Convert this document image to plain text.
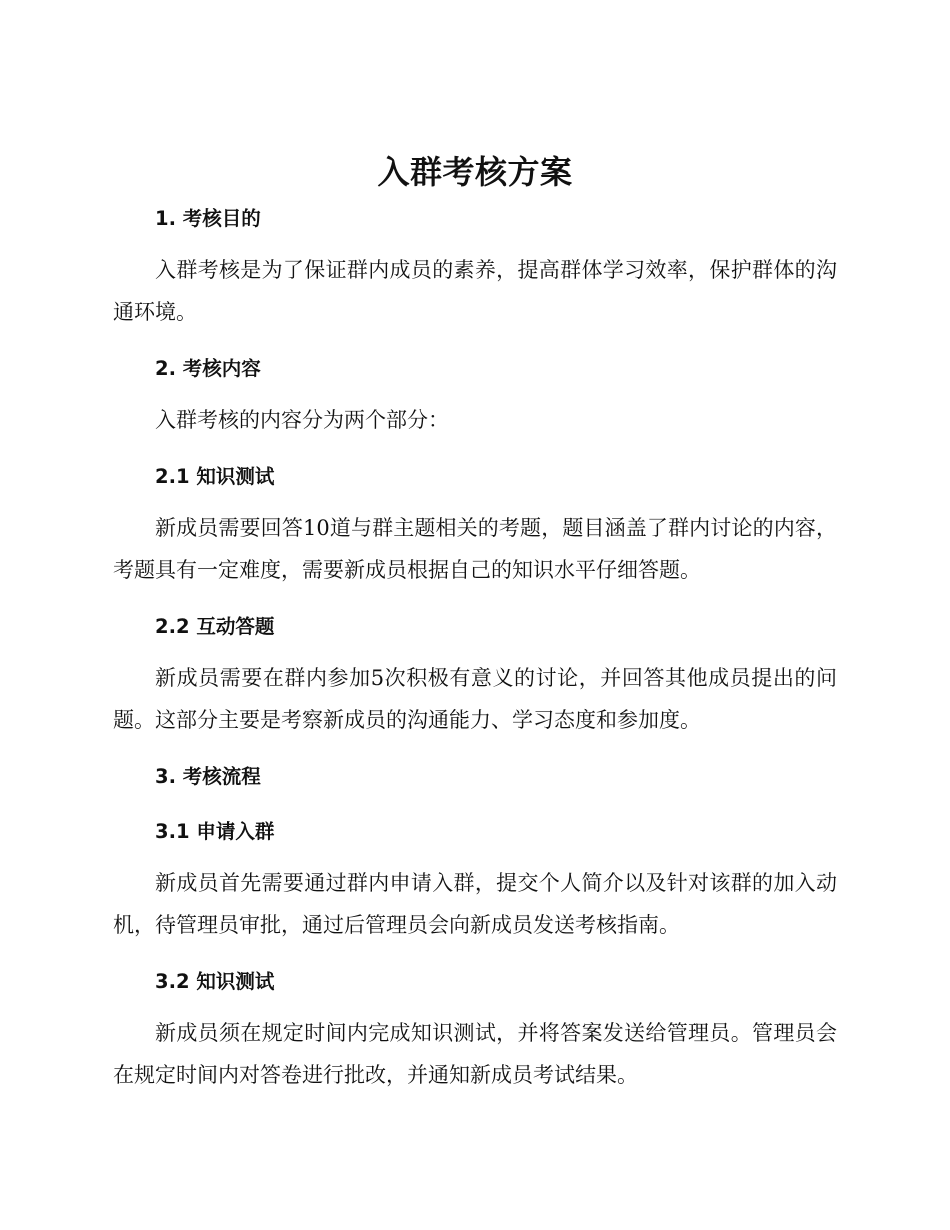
入群考核方案
1. 考核目的

入群考核是为了保证群内成员的素养，提高群体学习效率，保护群体的沟通环境。

2. 考核内容

入群考核的内容分为两个部分：

2.1 知识测试

新成员需要回答10道与群主题相关的考题，题目涵盖了群内讨论的内容，考题具有一定难度，需要新成员根据自己的知识水平仔细答题。

2.2 互动答题

新成员需要在群内参加5次积极有意义的讨论，并回答其他成员提出的问题。这部分主要是考察新成员的沟通能力、学习态度和参加度。

3. 考核流程
3.1 申请入群

新成员首先需要通过群内申请入群，提交个人简介以及针对该群的加入动机，待管理员审批，通过后管理员会向新成员发送考核指南。

3.2 知识测试

新成员须在规定时间内完成知识测试，并将答案发送给管理员。管理员会在规定时间内对答卷进行批改，并通知新成员考试结果。
